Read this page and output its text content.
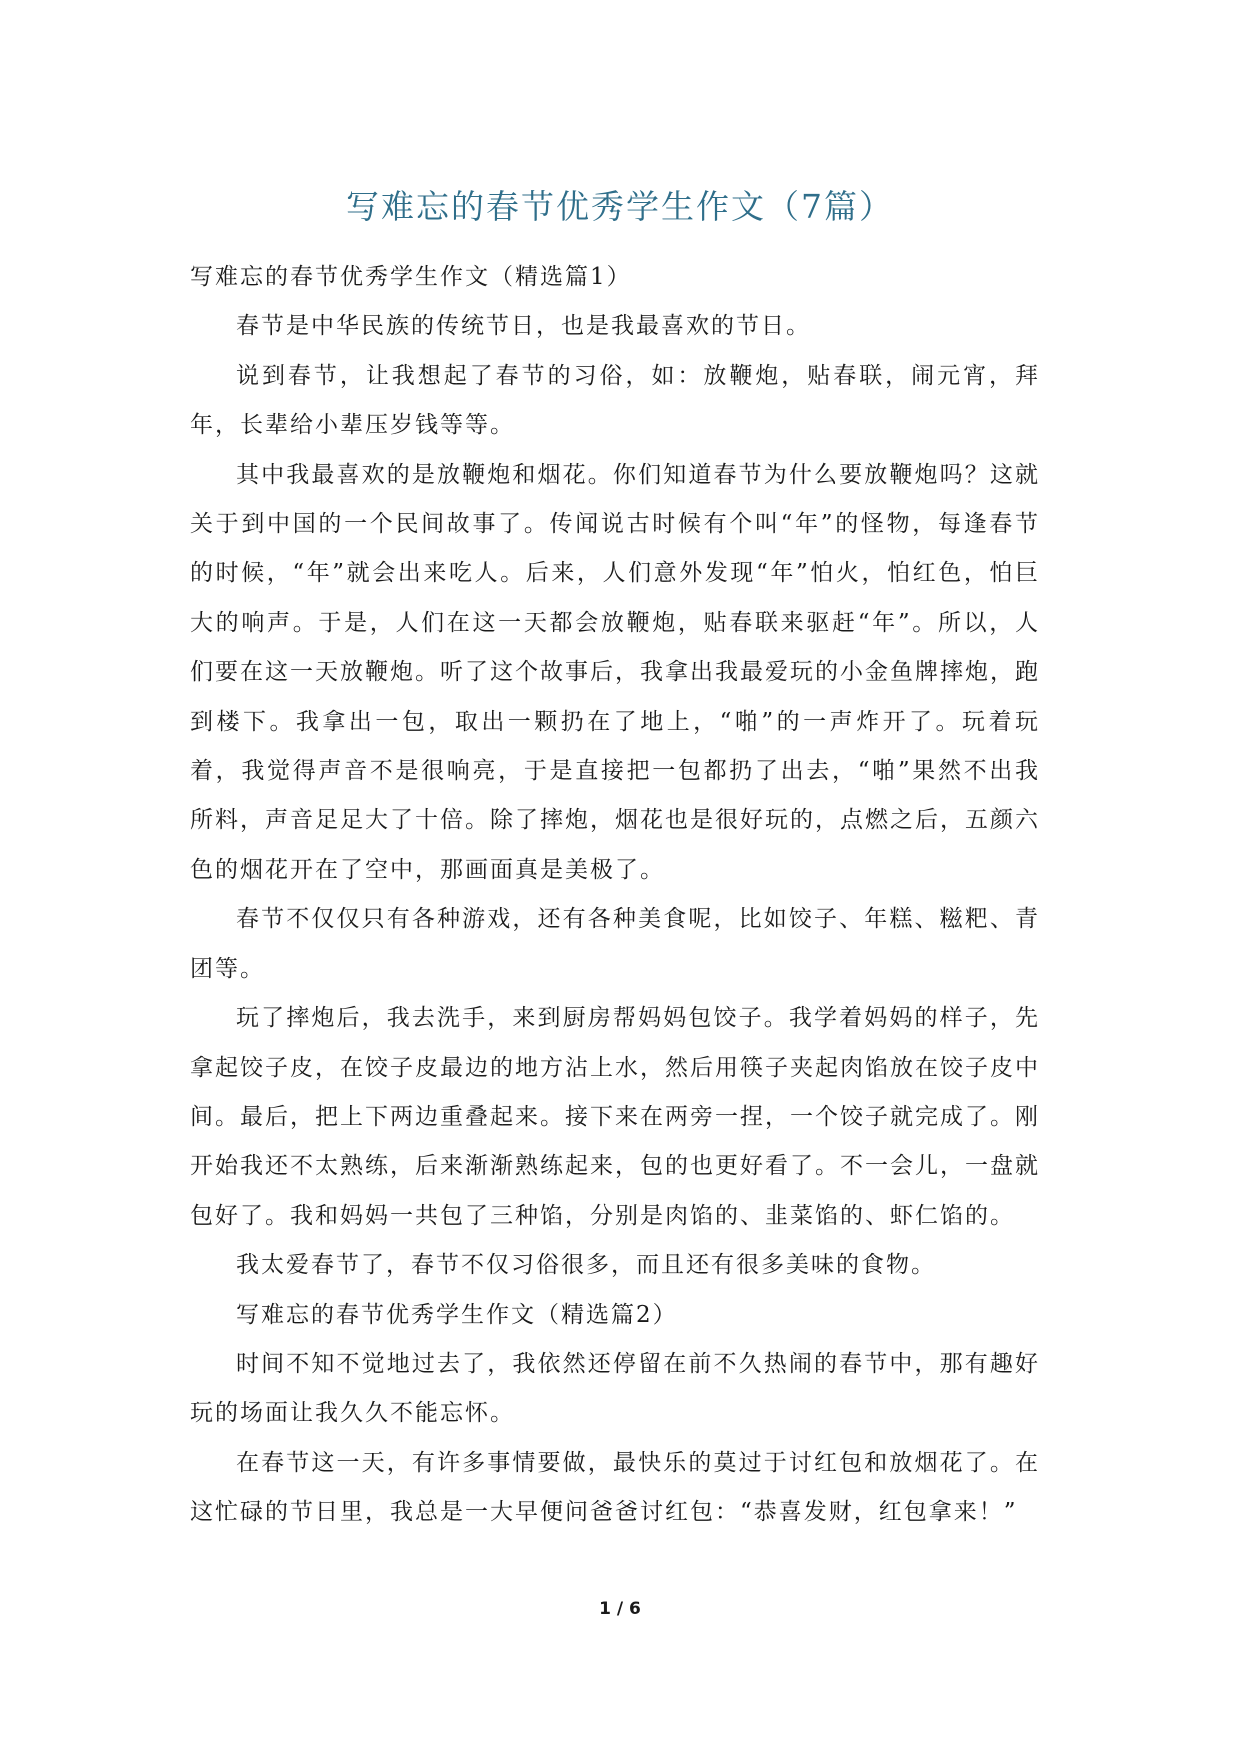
写难忘的春节优秀学生作文（7篇）

写难忘的春节优秀学生作文（精选篇1）

春节是中华民族的传统节日，也是我最喜欢的节日。

说到春节，让我想起了春节的习俗，如：放鞭炮，贴春联，闹元宵，拜年，长辈给小辈压岁钱等等。

其中我最喜欢的是放鞭炮和烟花。你们知道春节为什么要放鞭炮吗？这就关于到中国的一个民间故事了。传闻说古时候有个叫“年”的怪物，每逢春节的时候，“年”就会出来吃人。后来，人们意外发现“年”怕火，怕红色，怕巨大的响声。于是，人们在这一天都会放鞭炮，贴春联来驱赶“年”。所以，人们要在这一天放鞭炮。听了这个故事后，我拿出我最爱玩的小金鱼牌摔炮，跑到楼下。我拿出一包，取出一颗扔在了地上，“啪”的一声炸开了。玩着玩着，我觉得声音不是很响亮，于是直接把一包都扔了出去，“啪”果然不出我所料，声音足足大了十倍。除了摔炮，烟花也是很好玩的，点燃之后，五颜六色的烟花开在了空中，那画面真是美极了。

春节不仅仅只有各种游戏，还有各种美食呢，比如饺子、年糕、糍粑、青团等。

玩了摔炮后，我去洗手，来到厨房帮妈妈包饺子。我学着妈妈的样子，先拿起饺子皮，在饺子皮最边的地方沾上水，然后用筷子夹起肉馅放在饺子皮中间。最后，把上下两边重叠起来。接下来在两旁一捏，一个饺子就完成了。刚开始我还不太熟练，后来渐渐熟练起来，包的也更好看了。不一会儿，一盘就包好了。我和妈妈一共包了三种馅，分别是肉馅的、韭菜馅的、虾仁馅的。

我太爱春节了，春节不仅习俗很多，而且还有很多美味的食物。

写难忘的春节优秀学生作文（精选篇2）

时间不知不觉地过去了，我依然还停留在前不久热闹的春节中，那有趣好玩的场面让我久久不能忘怀。

在春节这一天，有许多事情要做，最快乐的莫过于讨红包和放烟花了。在这忙碌的节日里，我总是一大早便问爸爸讨红包：“恭喜发财，红包拿来！”

1 / 6
